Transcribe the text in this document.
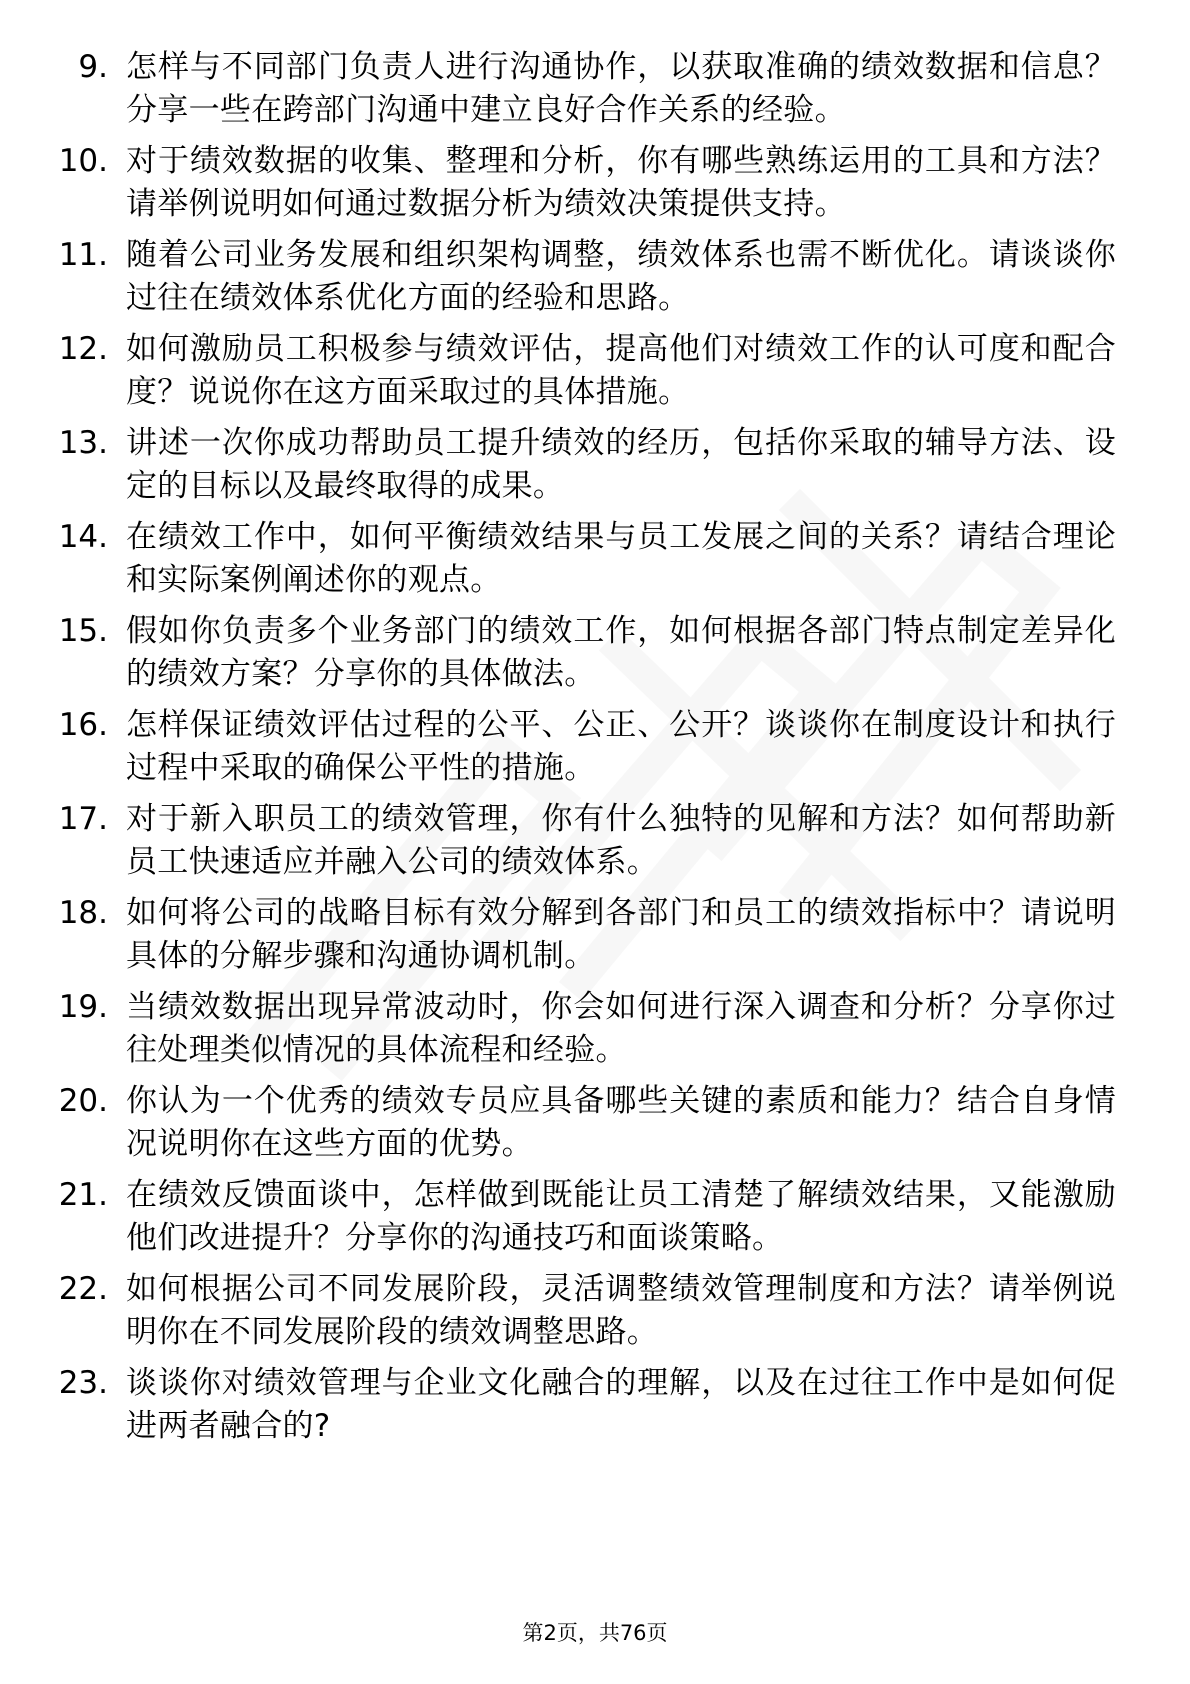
9. 怎样与不同部门负责人进行沟通协作，以获取准确的绩效数据和信息？分享一些在跨部门沟通中建立良好合作关系的经验。
10. 对于绩效数据的收集、整理和分析，你有哪些熟练运用的工具和方法？请举例说明如何通过数据分析为绩效决策提供支持。
11. 随着公司业务发展和组织架构调整，绩效体系也需不断优化。请谈谈你过往在绩效体系优化方面的经验和思路。
12. 如何激励员工积极参与绩效评估，提高他们对绩效工作的认可度和配合度？说说你在这方面采取过的具体措施。
13. 讲述一次你成功帮助员工提升绩效的经历，包括你采取的辅导方法、设定的目标以及最终取得的成果。
14. 在绩效工作中，如何平衡绩效结果与员工发展之间的关系？请结合理论和实际案例阐述你的观点。
15. 假如你负责多个业务部门的绩效工作，如何根据各部门特点制定差异化的绩效方案？分享你的具体做法。
16. 怎样保证绩效评估过程的公平、公正、公开？谈谈你在制度设计和执行过程中采取的确保公平性的措施。
17. 对于新入职员工的绩效管理，你有什么独特的见解和方法？如何帮助新员工快速适应并融入公司的绩效体系。
18. 如何将公司的战略目标有效分解到各部门和员工的绩效指标中？请说明具体的分解步骤和沟通协调机制。
19. 当绩效数据出现异常波动时，你会如何进行深入调查和分析？分享你过往处理类似情况的具体流程和经验。
20. 你认为一个优秀的绩效专员应具备哪些关键的素质和能力？结合自身情况说明你在这些方面的优势。
21. 在绩效反馈面谈中，怎样做到既能让员工清楚了解绩效结果，又能激励他们改进提升？分享你的沟通技巧和面谈策略。
22. 如何根据公司不同发展阶段，灵活调整绩效管理制度和方法？请举例说明你在不同发展阶段的绩效调整思路。
23. 谈谈你对绩效管理与企业文化融合的理解，以及在过往工作中是如何促进两者融合的?
第2页，共76页
